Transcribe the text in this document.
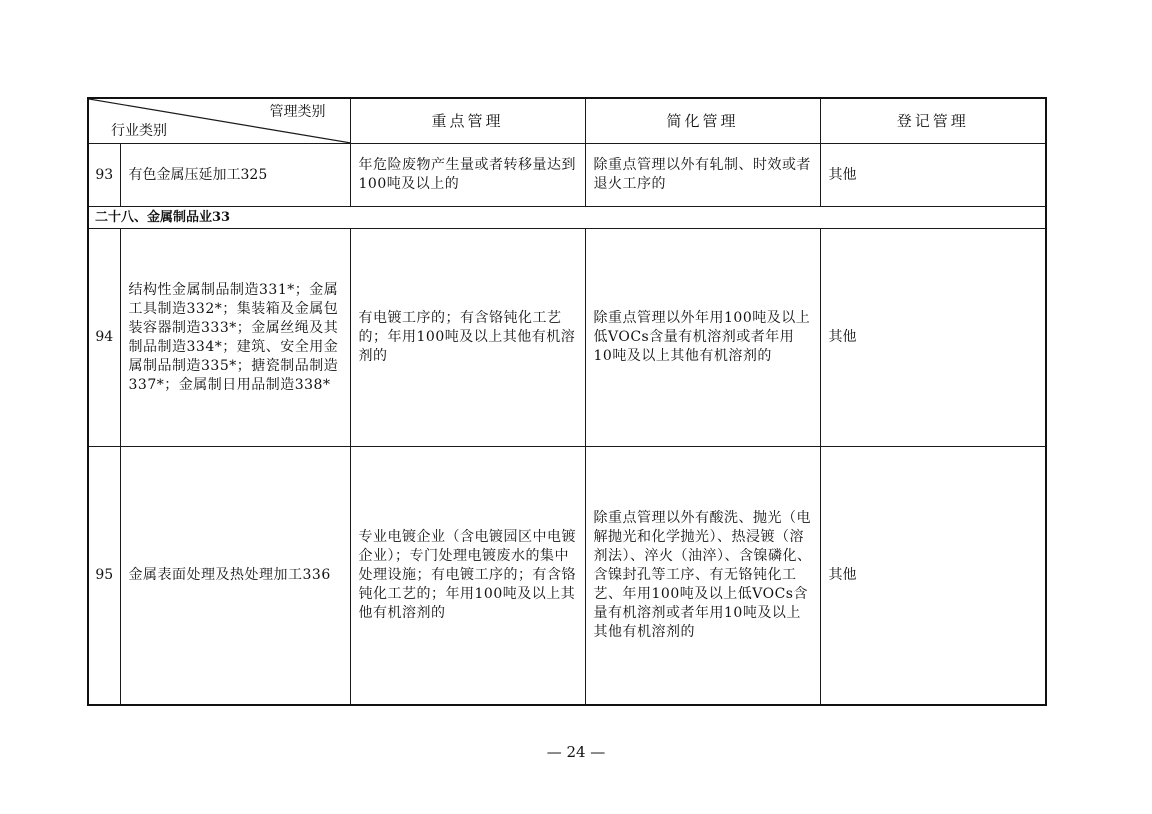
管理类别
行业类别		重点管理	简化管理	登记管理
93	有色金属压延加工325	年危险废物产生量或者转移量达到100吨及以上的	除重点管理以外有轧制、时效或者退火工序的	其他
二十八、金属制品业33				
94	结构性金属制品制造331*；金属工具制造332*；集装箱及金属包装容器制造333*；金属丝绳及其制品制造334*；建筑、安全用金属制品制造335*；搪瓷制品制造337*；金属制日用品制造338*	有电镀工序的；有含铬钝化工艺的；年用100吨及以上其他有机溶剂的	除重点管理以外年用100吨及以上低VOCs含量有机溶剂或者年用10吨及以上其他有机溶剂的	其他
95	金属表面处理及热处理加工336	专业电镀企业（含电镀园区中电镀企业）；专门处理电镀废水的集中处理设施；有电镀工序的；有含铬钝化工艺的；年用100吨及以上其他有机溶剂的	除重点管理以外有酸洗、抛光（电解抛光和化学抛光）、热浸镀（溶剂法）、淬火（油淬）、含镍磷化、含镍封孔等工序、有无铬钝化工艺、年用100吨及以上低VOCs含量有机溶剂或者年用10吨及以上其他有机溶剂的	其他
— 24 —
